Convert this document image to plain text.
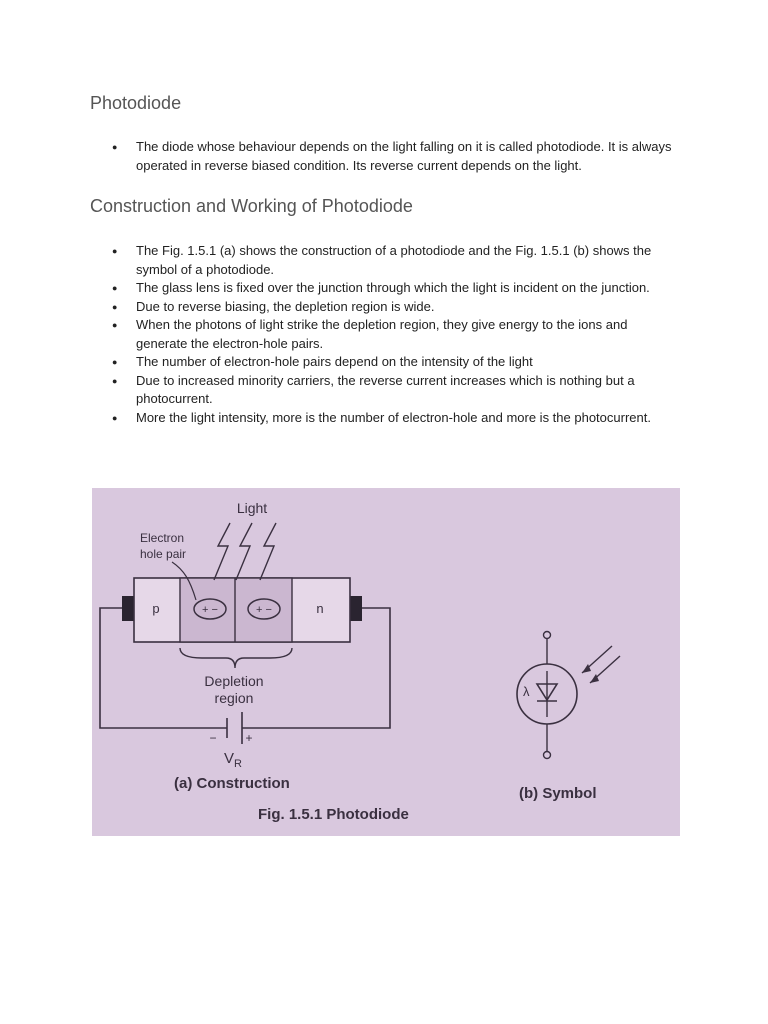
Photodiode
● The diode whose behaviour depends on the light falling on it is called photodiode. It is always operated in reverse biased condition. Its reverse current depends on the light.
Construction and Working of Photodiode
● The Fig. 1.5.1 (a) shows the construction of a photodiode and the Fig. 1.5.1 (b) shows the symbol of a photodiode.
● The glass lens is fixed over the junction through which the light is incident on the junction.
● Due to reverse biasing, the depletion region is wide.
● When the photons of light strike the depletion region, they give energy to the ions and generate the electron-hole pairs.
● The number of electron-hole pairs depend on the intensity of the light
● Due to increased minority carriers, the reverse current increases which is nothing but a photocurrent.
● More the light intensity, more is the number of electron-hole and more is the photocurrent.
+ −	+ −
p	n
Light
Electron
hole pair
Depletion
region
− +
$V_R$
(a) Construction
Fig. 1.5.1 Photodiode
(b) Symbol
λ
